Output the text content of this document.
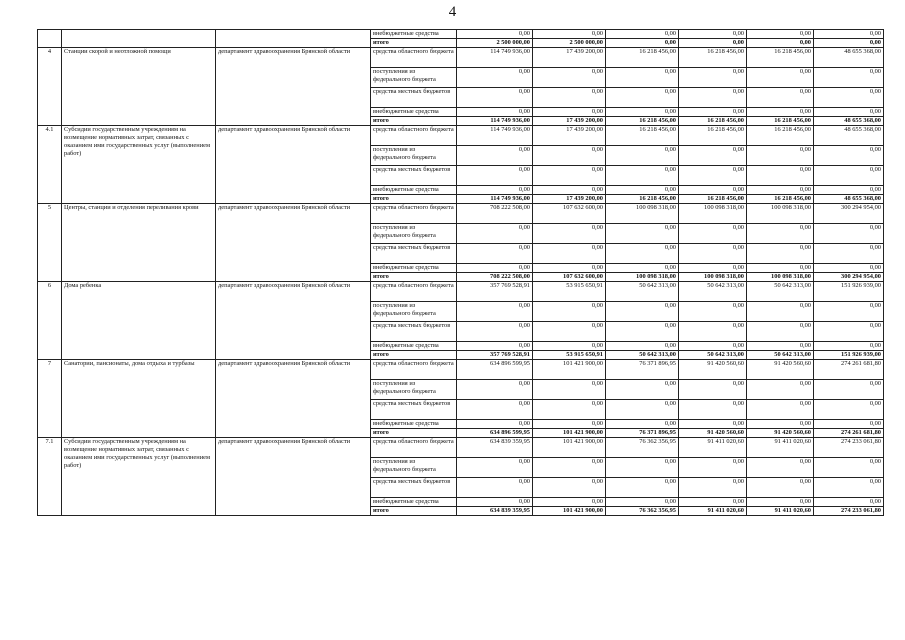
4
			внебюджетные средства	0,00	0,00	0,00	0,00	0,00	0,00
			итого	2 500 000,00	2 500 000,00	0,00	0,00	0,00	0,00
4	Станции скорой и неотложной помощи	департамент здравоохранения Брянской области	средства областного бюджета	114 749 936,00	17 439 200,00	16 218 456,00	16 218 456,00	16 218 456,00	48 655 368,00
			поступления из федерального бюджета	0,00	0,00	0,00	0,00	0,00	0,00
			средства местных бюджетов	0,00	0,00	0,00	0,00	0,00	0,00
			внебюджетные средства	0,00	0,00	0,00	0,00	0,00	0,00
			итого	114 749 936,00	17 439 200,00	16 218 456,00	16 218 456,00	16 218 456,00	48 655 368,00
4.1	Субсидии государственным учреждениям на возмещение нормативных затрат, связанных с оказанием ими государственных услуг (выполнением работ)	департамент здравоохранения Брянской области	средства областного бюджета	114 749 936,00	17 439 200,00	16 218 456,00	16 218 456,00	16 218 456,00	48 655 368,00
			поступления из федерального бюджета	0,00	0,00	0,00	0,00	0,00	0,00
			средства местных бюджетов	0,00	0,00	0,00	0,00	0,00	0,00
			внебюджетные средства	0,00	0,00	0,00	0,00	0,00	0,00
			итого	114 749 936,00	17 439 200,00	16 218 456,00	16 218 456,00	16 218 456,00	48 655 368,00
5	Центры, станции и отделения переливания крови	департамент здравоохранения Брянской области	средства областного бюджета	708 222 508,00	107 632 600,00	100 098 318,00	100 098 318,00	100 098 318,00	300 294 954,00
			поступления из федерального бюджета	0,00	0,00	0,00	0,00	0,00	0,00
			средства местных бюджетов	0,00	0,00	0,00	0,00	0,00	0,00
			внебюджетные средства	0,00	0,00	0,00	0,00	0,00	0,00
			итого	708 222 508,00	107 632 600,00	100 098 318,00	100 098 318,00	100 098 318,00	300 294 954,00
6	Дома ребенка	департамент здравоохранения Брянской области	средства областного бюджета	357 769 528,91	53 915 650,91	50 642 313,00	50 642 313,00	50 642 313,00	151 926 939,00
			поступления из федерального бюджета	0,00	0,00	0,00	0,00	0,00	0,00
			средства местных бюджетов	0,00	0,00	0,00	0,00	0,00	0,00
			внебюджетные средства	0,00	0,00	0,00	0,00	0,00	0,00
			итого	357 769 528,91	53 915 650,91	50 642 313,00	50 642 313,00	50 642 313,00	151 926 939,00
7	Санатории, пансионаты, дома отдыха и турбазы	департамент здравоохранения Брянской области	средства областного бюджета	634 896 599,95	101 421 900,00	76 371 896,95	91 420 560,60	91 420 560,60	274 261 681,80
			поступления из федерального бюджета	0,00	0,00	0,00	0,00	0,00	0,00
			средства местных бюджетов	0,00	0,00	0,00	0,00	0,00	0,00
			внебюджетные средства	0,00	0,00	0,00	0,00	0,00	0,00
			итого	634 896 599,95	101 421 900,00	76 371 896,95	91 420 560,60	91 420 560,60	274 261 681,80
7.1	Субсидии государственным учреждениям на возмещение нормативных затрат, связанных с оказанием ими государственных услуг (выполнением работ)	департамент здравоохранения Брянской области	средства областного бюджета	634 839 359,95	101 421 900,00	76 362 356,95	91 411 020,60	91 411 020,60	274 233 061,80
			поступления из федерального бюджета	0,00	0,00	0,00	0,00	0,00	0,00
			средства местных бюджетов	0,00	0,00	0,00	0,00	0,00	0,00
			внебюджетные средства	0,00	0,00	0,00	0,00	0,00	0,00
			итого	634 839 359,95	101 421 900,00	76 362 356,95	91 411 020,60	91 411 020,60	274 233 061,80
